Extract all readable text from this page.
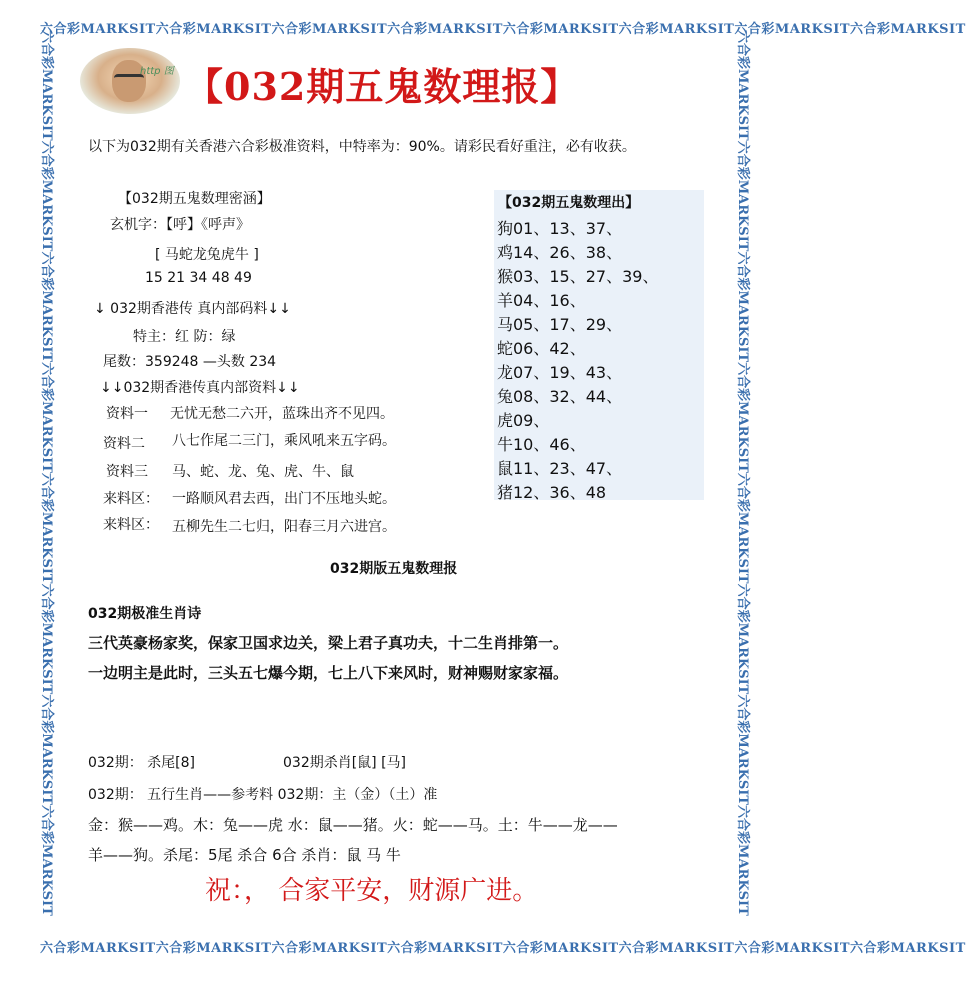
六合彩MARKSIT六合彩MARKSIT六合彩MARKSIT六合彩MARKSIT六合彩MARKSIT六合彩MARKSIT六合彩MARKSIT六合彩MARKSIT
六合彩MARKSIT六合彩MARKSIT六合彩MARKSIT六合彩MARKSIT六合彩MARKSIT六合彩MARKSIT六合彩MARKSIT六合彩MARKSIT
六合彩MARKSIT六合彩MARKSIT六合彩MARKSIT六合彩MARKSIT六合彩MARKSIT六合彩MARKSIT六合彩MARKSIT六合彩MARKSIT	六合彩MARKSIT六合彩MARKSIT六合彩MARKSIT六合彩MARKSIT六合彩MARKSIT六合彩MARKSIT六合彩MARKSIT六合彩MARKSIT
http 图 【032期五鬼数理报】
以下为032期有关香港六合彩极准资料，中特率为：90%。请彩民看好重注，必有收获。
【032期五鬼数理密涵】
玄机字：【呼】《呼声》
[ 马蛇龙兔虎牛 ]
15 21 34 48 49
↓ 032期香港传 真内部码料↓↓
特主：红 防：绿
尾数：359248 —头数 234
↓↓032期香港传真内部资料↓↓
资料一 无忧无愁二六开，蓝珠出齐不见四。
资料二 八七作尾二三门，乘风吼来五字码。
资料三 马、蛇、龙、兔、虎、牛、鼠
来料区： 一路顺风君去西，出门不压地头蛇。
来料区： 五柳先生二七归，阳春三月六进宫。
【032期五鬼数理出】
狗01、13、37、
鸡14、26、38、
猴03、15、27、39、
羊04、16、
马05、17、29、
蛇06、42、
龙07、19、43、
兔08、32、44、
虎09、
牛10、46、
鼠11、23、47、
猪12、36、48
032期版五鬼数理报
032期极准生肖诗
三代英豪杨家奖，保家卫国求边关，梁上君子真功夫，十二生肖排第一。
一边明主是此时，三头五七爆今期，七上八下来风时，财神赐财家家福。
032期： 杀尾[8]	032期杀肖[鼠] [马]
032期： 五行生肖——参考料 032期：主（金）（土）准
金：猴——鸡。木：兔——虎 水：鼠——猪。火：蛇——马。土：牛——龙——
羊——狗。杀尾：5尾 杀合 6合 杀肖：鼠 马 牛
祝：， 合家平安，财源广进。
